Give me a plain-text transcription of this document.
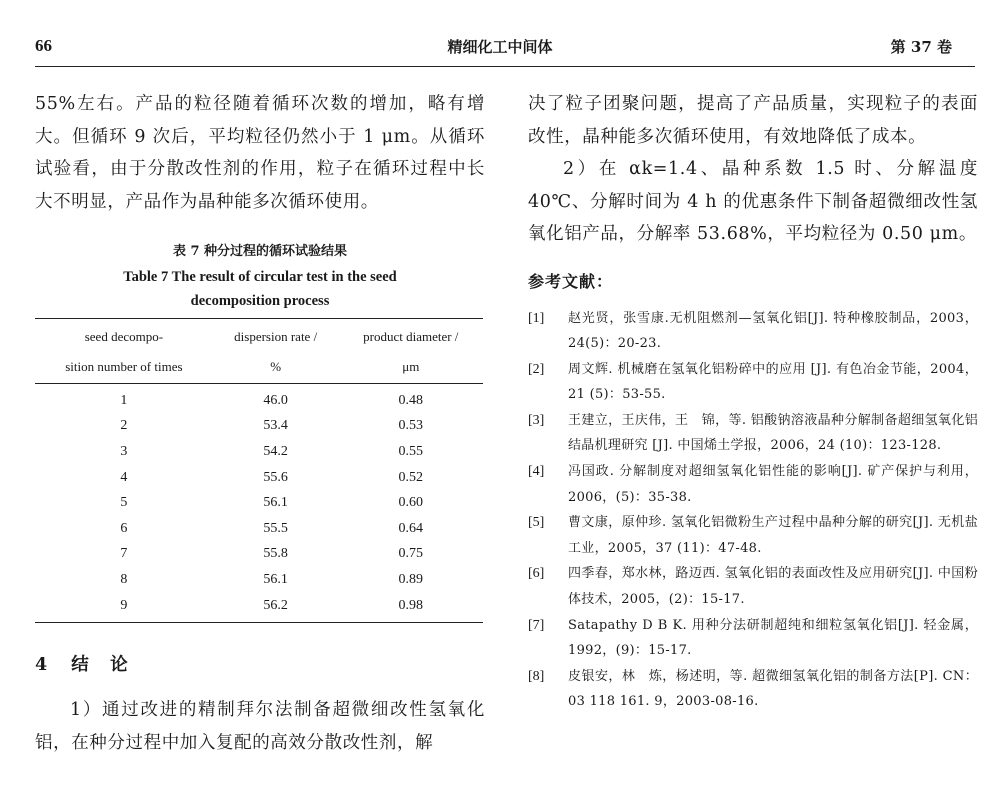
66	精细化工中间体	第 37 卷

55%左右。产品的粒径随着循环次数的增加，略有增大。但循环 9 次后，平均粒径仍然小于 1 μm。从循环试验看，由于分散改性剂的作用，粒子在循环过程中长大不明显，产品作为晶种能多次循环使用。

表 7 种分过程的循环试验结果
Table 7 The result of circular test in the seed
decomposition process
seed decompo-	dispersion rate /	product diameter /
sition number of times	%	μm
1	46.0	0.48
2	53.4	0.53
3	54.2	0.55
4	55.6	0.52
5	56.1	0.60
6	55.5	0.64
7	55.8	0.75
8	56.1	0.89
9	56.2	0.98
4 结　论

1）通过改进的精制拜尔法制备超微细改性氢氧化铝，在种分过程中加入复配的高效分散改性剂，解

决了粒子团聚问题，提高了产品质量，实现粒子的表面改性，晶种能多次循环使用，有效地降低了成本。

2）在 αk=1.4、晶种系数 1.5 时、分解温度 40℃、分解时间为 4 h 的优惠条件下制备超微细改性氢氧化铝产品，分解率 53.68%，平均粒径为 0.50 μm。

参考文献：
[1]	赵光贤，张雪康.无机阻燃剂—氢氧化铝[J]. 特种橡胶制品，2003，24(5)：20-23.
[2]	周文辉. 机械磨在氢氧化铝粉碎中的应用 [J]. 有色冶金节能，2004，21 (5)：53-55.
[3]	王建立，王庆伟，王　锦，等. 铝酸钠溶液晶种分解制备超细氢氧化铝结晶机理研究 [J]. 中国烯土学报，2006，24 (10)：123-128.
[4]	冯国政. 分解制度对超细氢氧化铝性能的影响[J]. 矿产保护与利用，2006，(5)：35-38.
[5]	曹文康，原仲珍. 氢氧化铝微粉生产过程中晶种分解的研究[J]. 无机盐工业，2005，37 (11)：47-48.
[6]	四季春，郑水林，路迈西. 氢氧化铝的表面改性及应用研究[J]. 中国粉体技术，2005，(2)：15-17.
[7]	Satapathy D B K. 用种分法研制超纯和细粒氢氧化铝[J]. 轻金属，1992，(9)：15-17.
[8]	皮银安，林　炼，杨述明，等. 超微细氢氧化铝的制备方法[P]. CN：03 118 161. 9，2003-08-16.
